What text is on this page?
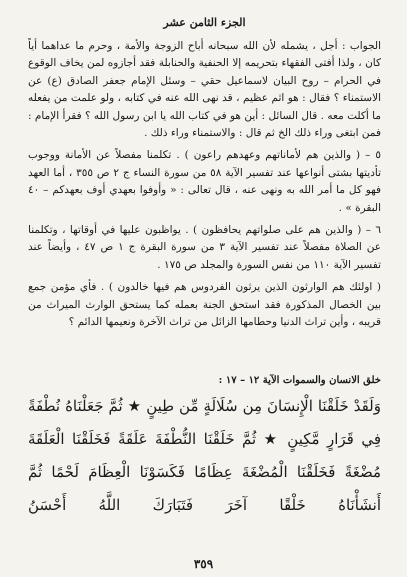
الجزء الثامن عشر

الجواب : أجل ، يشمله لأن الله سبحانه أباح الزوجة والأمة ، وحرم ما عداهما أياً كان ، ولذا أفتى الفقهاء بتحريمه إلا الحنفية والحنابلة فقد أجازوه لمن يخاف الوقوع في الحرام – روح البيان لاسماعيل حقي – وسئل الإمام جعفر الصادق (ع) عن الاستمناء ؟ فقال : هو اثم عظيم ، قد نهى الله عنه في كتابه ، ولو علمت من يفعله ما أكلت معه . قال السائل : أين هو في كتاب الله يا ابن رسول الله ؟ فقرأ الإمام : فمن ابتغى وراء ذلك الخ ثم قال : والاستمناء وراء ذلك .

٥ – ( والذين هم لأماناتهم وعهدهم راعون ) . تكلمنا مفصلاً عن الأمانة ووجوب تأديتها بشتى أنواعها عند تفسير الآية ٥٨ من سورة النساء ج ٢ ص ٣٥٥ ، أما العهد فهو كل ما أمر الله به ونهى عنه ، قال تعالى : « وأوفوا بعهدي أوف بعهدكم – ٤٠ البقرة » .

٦ – ( والذين هم على صلواتهم يحافظون ) . يواظبون عليها في أوقاتها ، وتكلمنا عن الصلاة مفصلاً عند تفسير الآية ٣ من سورة البقرة ج ١ ص ٤٧ ، وأيضاً عند تفسير الآية ١١٠ من نفس السورة والمجلد ص ١٧٥ .

( اولئك هم الوارثون الذين يرثون الفردوس هم فيها خالدون ) . فأي مؤمن جمع بين الخصال المذكورة فقد استحق الجنة بعمله كما يستحق الوارث الميراث من قريبه ، وأين تراث الدنيا وحطامها الزائل من تراث الآخرة ونعيمها الدائم ؟

خلق الانسان والسموات الآية ١٢ – ١٧ :

وَلَقَدْ خَلَقْنَا الْإِنسَانَ مِن سُلَالَةٍ مِّن طِينٍ ★ ثُمَّ جَعَلْنَاهُ نُطْفَةً فِي قَرَارٍ مَّكِينٍ ★ ثُمَّ خَلَقْنَا النُّطْفَةَ عَلَقَةً فَخَلَقْنَا الْعَلَقَةَ مُضْغَةً فَخَلَقْنَا الْمُضْغَةَ عِظَامًا فَكَسَوْنَا الْعِظَامَ لَحْمًا ثُمَّ أَنشَأْنَاهُ خَلْقًا آخَرَ فَتَبَارَكَ اللَّهُ أَحْسَنُ

٣٥٩
